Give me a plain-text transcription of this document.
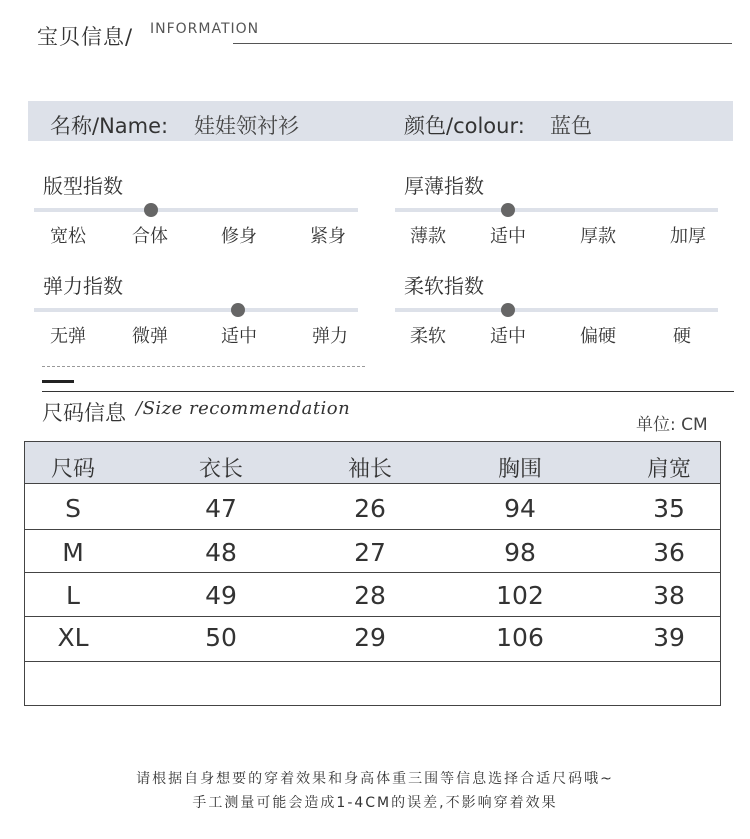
宝贝信息/ INFORMATION
名称/Name: 娃娃领衬衫	颜色/colour: 蓝色
版型指数
宽松	合体	修身	紧身
厚薄指数
薄款 适中	厚款	加厚
弹力指数
无弹	微弹	适中	弹力
柔软指数
柔软 适中	偏硬	硬
尺码信息 /Size recommendation
单位: CM
尺码	衣长	袖长	胸围	肩宽
S	47	26	94	35
M	48	27	98	36
L	49	28	102	38
XL	50	29	106	39
请根据自身想要的穿着效果和身高体重三围等信息选择合适尺码哦~
手工测量可能会造成1-4CM的误差,不影响穿着效果
